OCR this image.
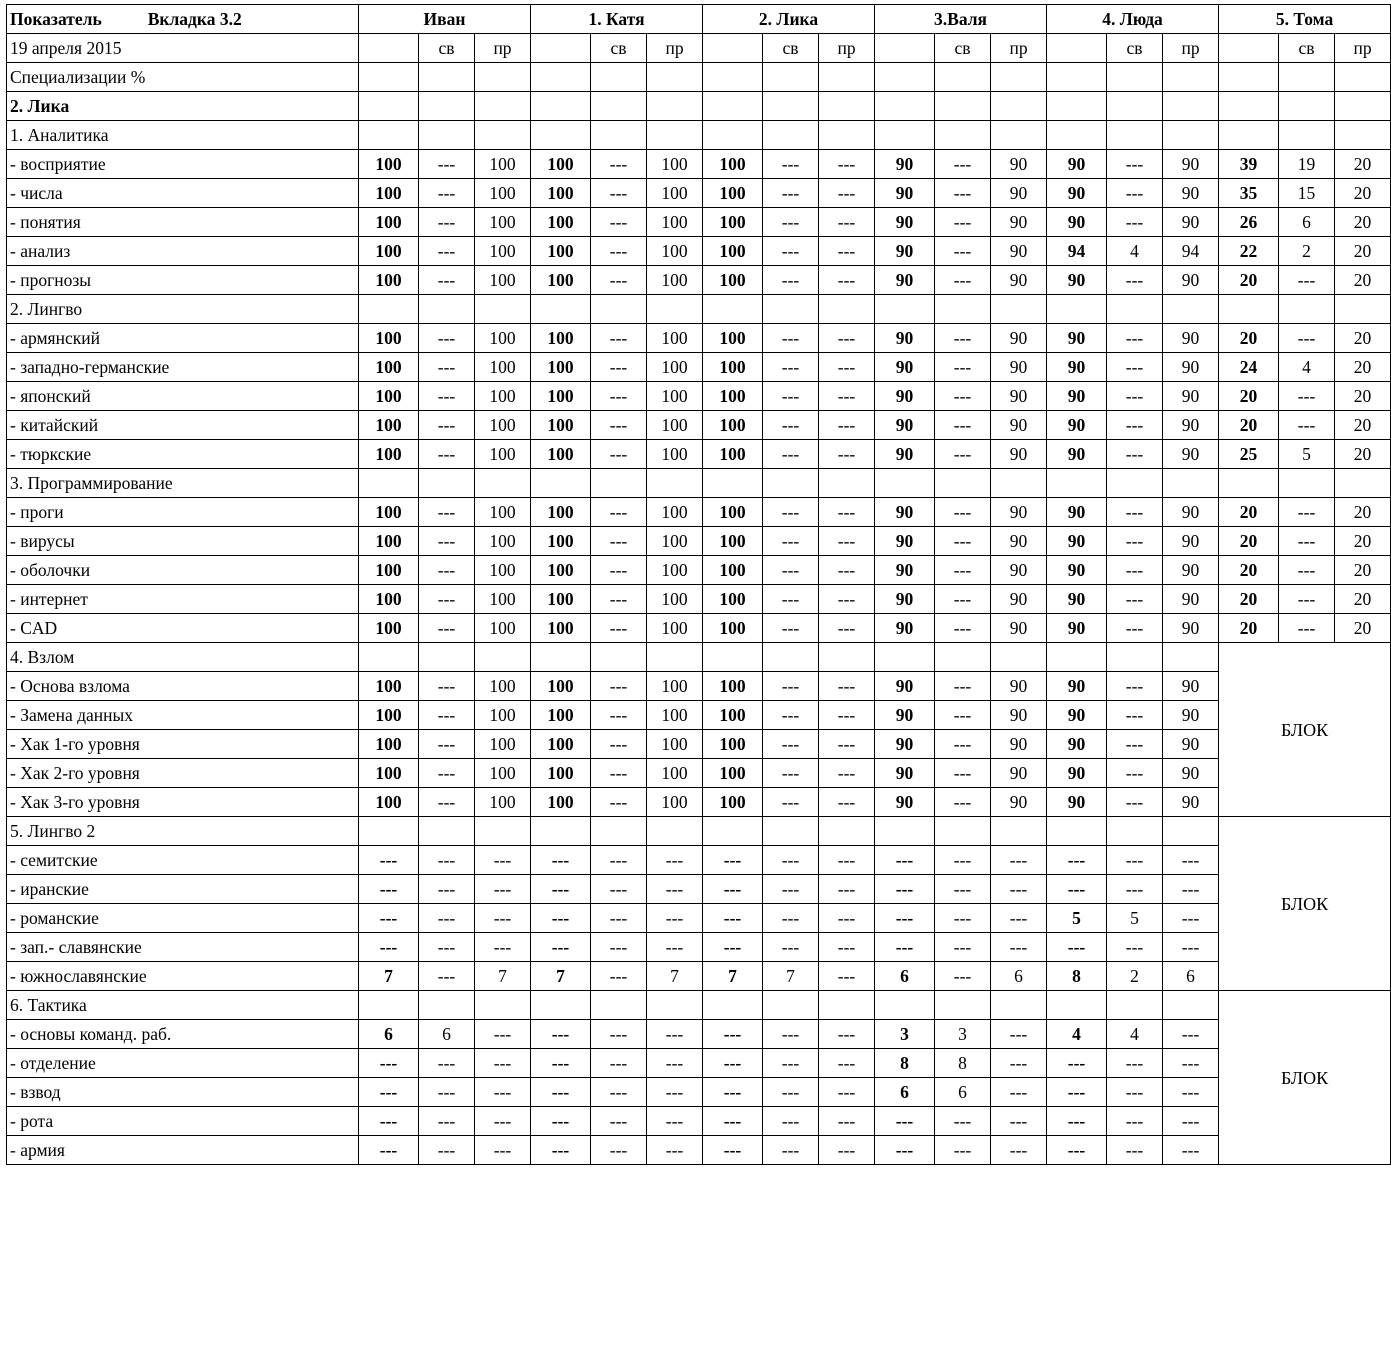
Показатель Вкладка 3.2	Иван			1. Катя			2. Лика			3.Валя			4. Люда			5. Тома		
19 апреля 2015		св	пр		св	пр		св	пр		св	пр		св	пр		св	пр
Специализации %																		
2. Лика																		
1. Аналитика																		
- восприятие	100	---	100	100	---	100	100	---	---	90	---	90	90	---	90	39	19	20
- числа	100	---	100	100	---	100	100	---	---	90	---	90	90	---	90	35	15	20
- понятия	100	---	100	100	---	100	100	---	---	90	---	90	90	---	90	26	6	20
- анализ	100	---	100	100	---	100	100	---	---	90	---	90	94	4	94	22	2	20
- прогнозы	100	---	100	100	---	100	100	---	---	90	---	90	90	---	90	20	---	20
2. Лингво																		
- армянский	100	---	100	100	---	100	100	---	---	90	---	90	90	---	90	20	---	20
- западно-германские	100	---	100	100	---	100	100	---	---	90	---	90	90	---	90	24	4	20
- японский	100	---	100	100	---	100	100	---	---	90	---	90	90	---	90	20	---	20
- китайский	100	---	100	100	---	100	100	---	---	90	---	90	90	---	90	20	---	20
- тюркские	100	---	100	100	---	100	100	---	---	90	---	90	90	---	90	25	5	20
3. Программирование																		
- проги	100	---	100	100	---	100	100	---	---	90	---	90	90	---	90	20	---	20
- вирусы	100	---	100	100	---	100	100	---	---	90	---	90	90	---	90	20	---	20
- оболочки	100	---	100	100	---	100	100	---	---	90	---	90	90	---	90	20	---	20
- интернет	100	---	100	100	---	100	100	---	---	90	---	90	90	---	90	20	---	20
- CAD	100	---	100	100	---	100	100	---	---	90	---	90	90	---	90	20	---	20
4. Взлом																БЛОК		
- Основа взлома	100	---	100	100	---	100	100	---	---	90	---	90	90	---	90			
- Замена данных	100	---	100	100	---	100	100	---	---	90	---	90	90	---	90			
- Хак 1-го уровня	100	---	100	100	---	100	100	---	---	90	---	90	90	---	90			
- Хак 2-го уровня	100	---	100	100	---	100	100	---	---	90	---	90	90	---	90			
- Хак 3-го уровня	100	---	100	100	---	100	100	---	---	90	---	90	90	---	90			
5. Лингво 2																БЛОК		
- семитские	---	---	---	---	---	---	---	---	---	---	---	---	---	---	---			
- иранские	---	---	---	---	---	---	---	---	---	---	---	---	---	---	---			
- романские	---	---	---	---	---	---	---	---	---	---	---	---	5	5	---			
- зап.- славянские	---	---	---	---	---	---	---	---	---	---	---	---	---	---	---			
- южнославянские	7	---	7	7	---	7	7	7	---	6	---	6	8	2	6			
6. Тактика																БЛОК		
- основы команд. раб.	6	6	---	---	---	---	---	---	---	3	3	---	4	4	---			
- отделение	---	---	---	---	---	---	---	---	---	8	8	---	---	---	---			
- взвод	---	---	---	---	---	---	---	---	---	6	6	---	---	---	---			
- рота	---	---	---	---	---	---	---	---	---	---	---	---	---	---	---			
- армия	---	---	---	---	---	---	---	---	---	---	---	---	---	---	---			
